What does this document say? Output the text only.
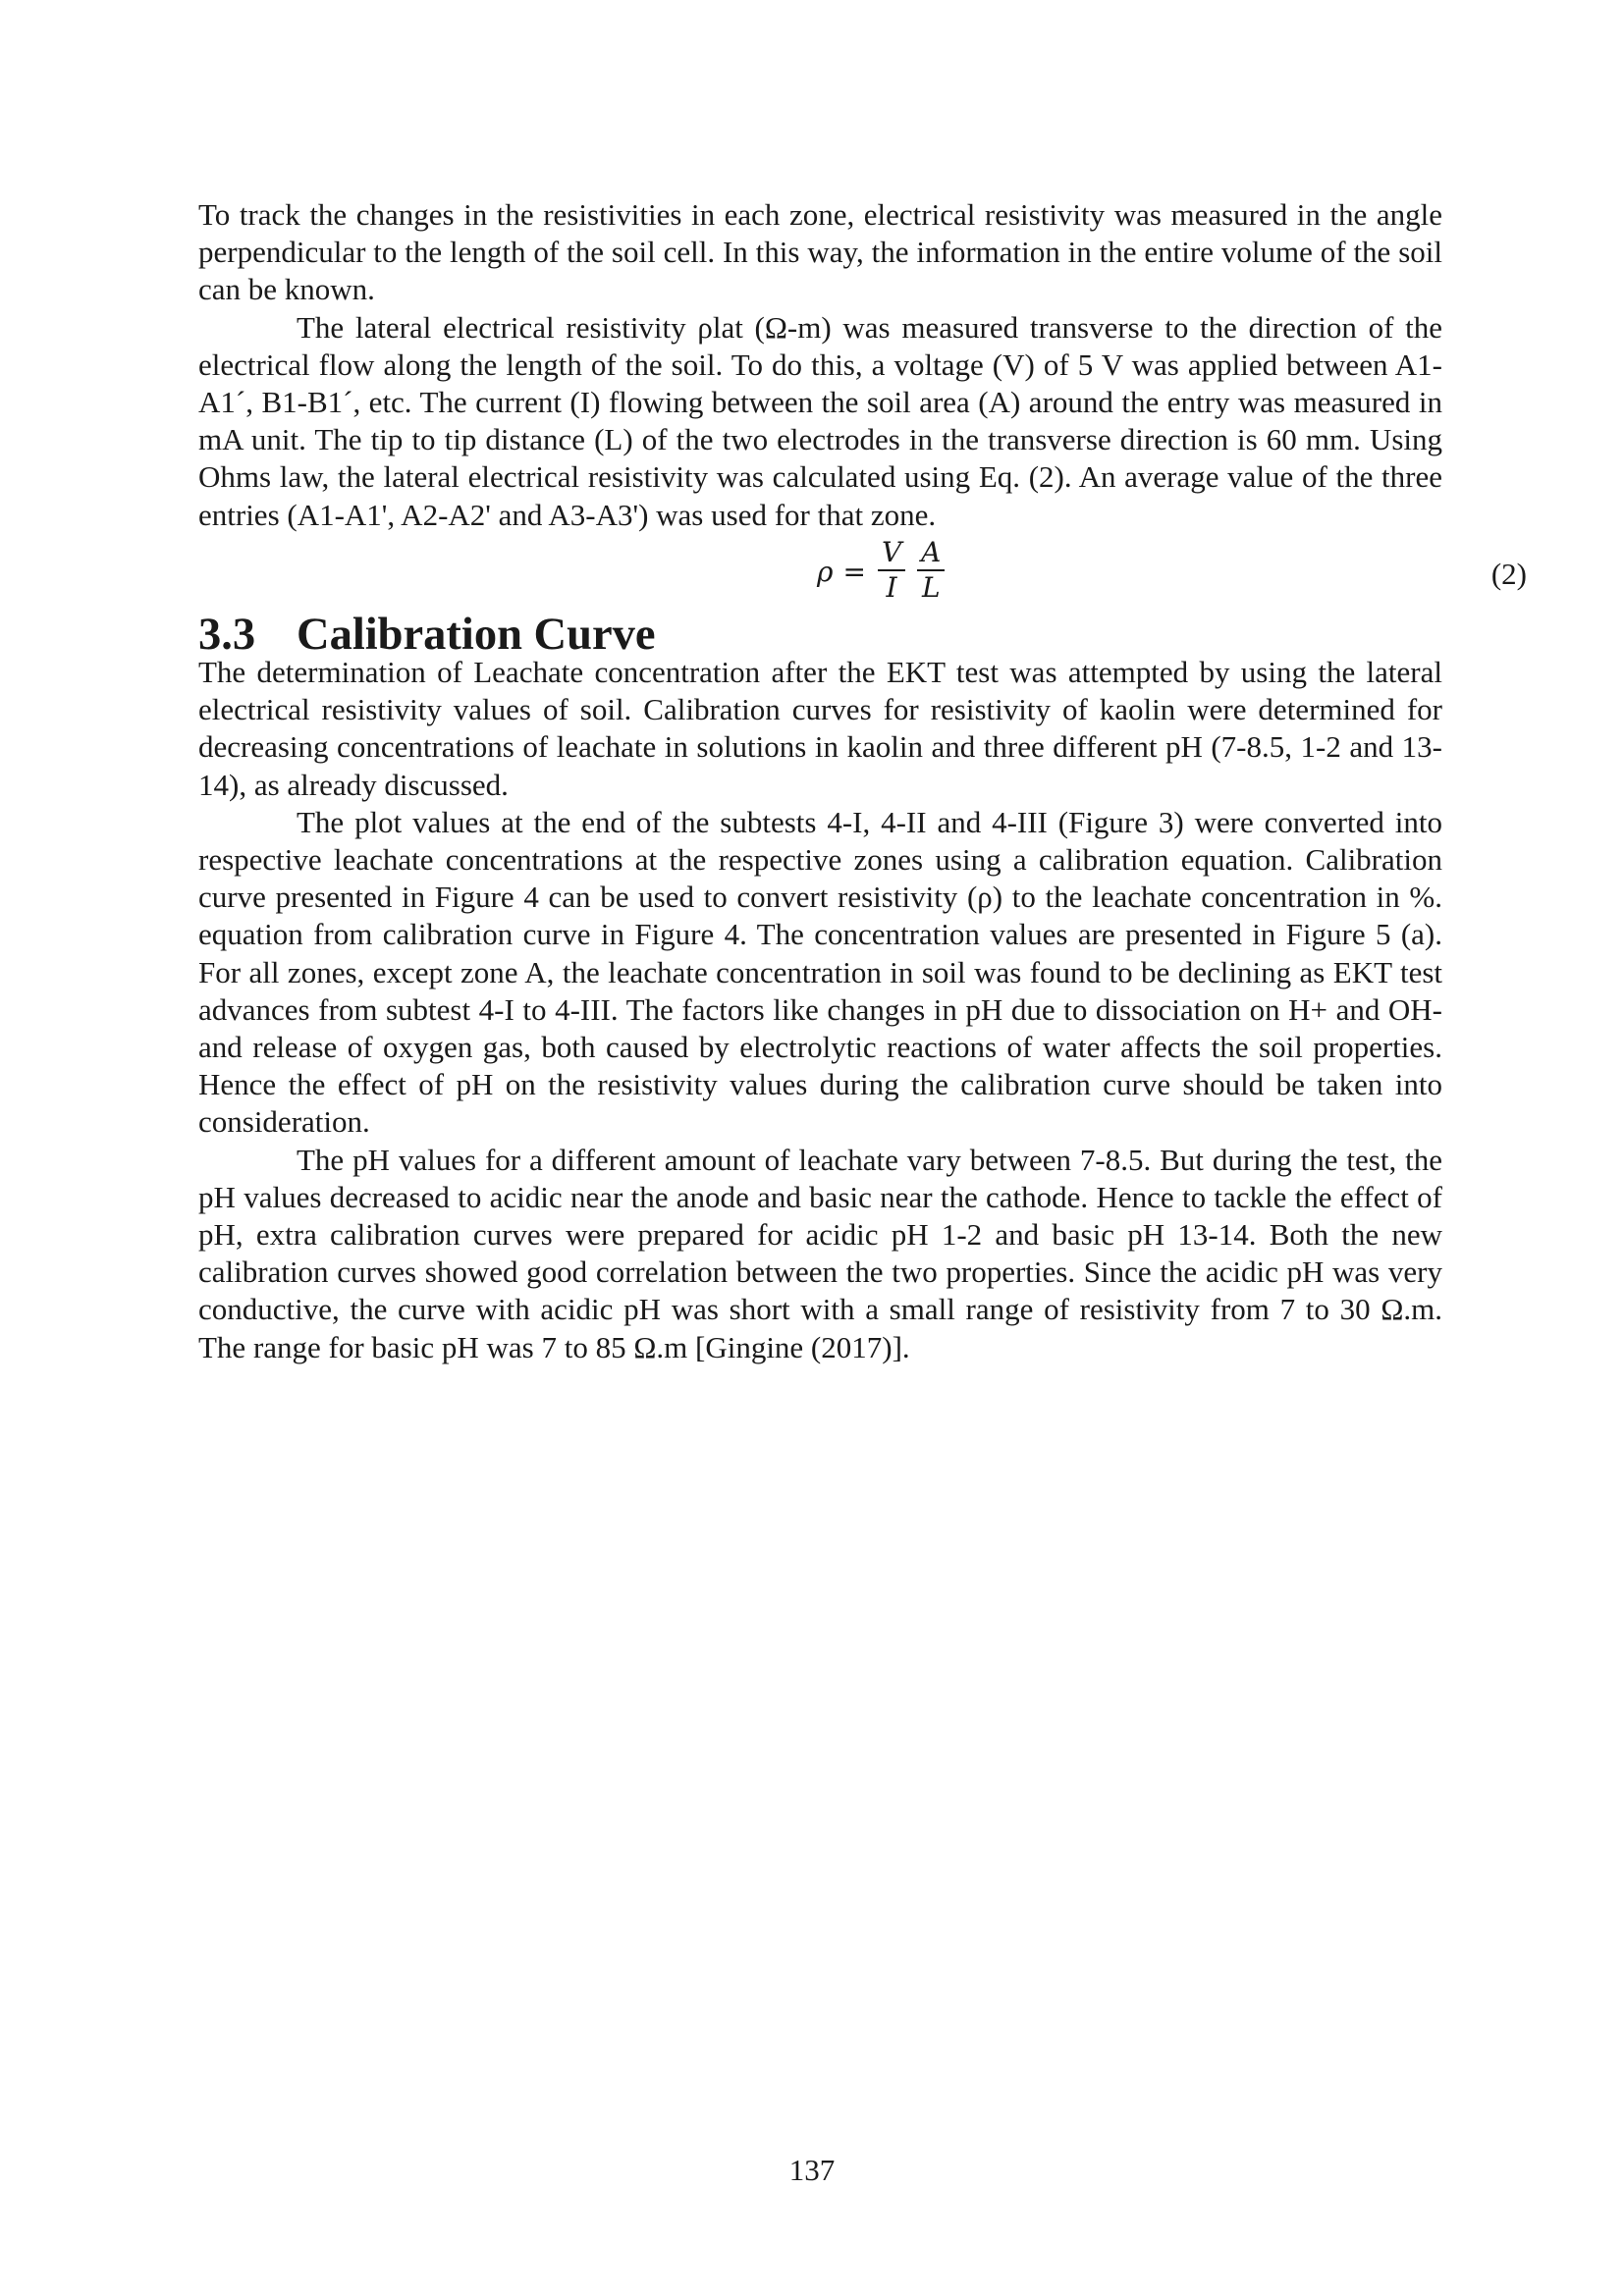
To track the changes in the resistivities in each zone, electrical resistivity was measured in the angle perpendicular to the length of the soil cell. In this way, the information in the entire volume of the soil can be known.

The lateral electrical resistivity ρlat (Ω-m) was measured transverse to the direction of the electrical flow along the length of the soil. To do this, a voltage (V) of 5 V was applied between A1-A1´, B1-B1´, etc. The current (I) flowing between the soil area (A) around the entry was measured in mA unit. The tip to tip distance (L) of the two electrodes in the transverse direction is 60 mm. Using Ohms law, the lateral electrical resistivity was calculated using Eq. (2). An average value of the three entries (A1-A1', A2-A2' and A3-A3') was used for that zone.

$\rho = \frac{V}{I} \frac{A}{L}$	(2)
3.3 Calibration Curve

The determination of Leachate concentration after the EKT test was attempted by using the lateral electrical resistivity values of soil. Calibration curves for resistivity of kaolin were determined for decreasing concentrations of leachate in solutions in kaolin and three different pH (7-8.5, 1-2 and 13-14), as already discussed.

The plot values at the end of the subtests 4-I, 4-II and 4-III (Figure 3) were converted into respective leachate concentrations at the respective zones using a calibration equation. Calibration curve presented in Figure 4 can be used to convert resistivity (ρ) to the leachate concentration in %. equation from calibration curve in Figure 4. The concentration values are presented in Figure 5 (a). For all zones, except zone A, the leachate concentration in soil was found to be declining as EKT test advances from subtest 4-I to 4-III. The factors like changes in pH due to dissociation on H+ and OH- and release of oxygen gas, both caused by electrolytic reactions of water affects the soil properties. Hence the effect of pH on the resistivity values during the calibration curve should be taken into consideration.

The pH values for a different amount of leachate vary between 7-8.5. But during the test, the pH values decreased to acidic near the anode and basic near the cathode. Hence to tackle the effect of pH, extra calibration curves were prepared for acidic pH 1-2 and basic pH 13-14. Both the new calibration curves showed good correlation between the two properties. Since the acidic pH was very conductive, the curve with acidic pH was short with a small range of resistivity from 7 to 30 Ω.m. The range for basic pH was 7 to 85 Ω.m [Gingine (2017)].

137
